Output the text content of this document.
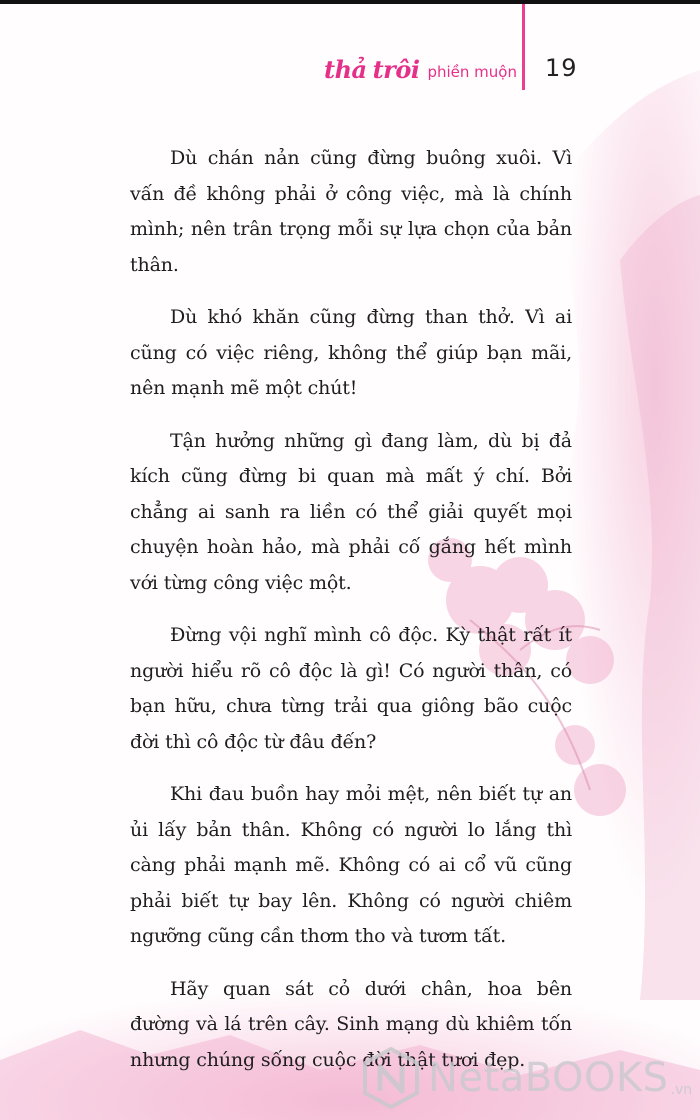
thả trôi phiền muộn 19

Dù chán nản cũng đừng buông xuôi. Vì vấn đề không phải ở công việc, mà là chính mình; nên trân trọng mỗi sự lựa chọn của bản thân.

Dù khó khăn cũng đừng than thở. Vì ai cũng có việc riêng, không thể giúp bạn mãi, nên mạnh mẽ một chút!

Tận hưởng những gì đang làm, dù bị đả kích cũng đừng bi quan mà mất ý chí. Bởi chẳng ai sanh ra liền có thể giải quyết mọi chuyện hoàn hảo, mà phải cố gắng hết mình với từng công việc một.

Đừng vội nghĩ mình cô độc. Kỳ thật rất ít người hiểu rõ cô độc là gì! Có người thân, có bạn hữu, chưa từng trải qua giông bão cuộc đời thì cô độc từ đâu đến?

Khi đau buồn hay mỏi mệt, nên biết tự an ủi lấy bản thân. Không có người lo lắng thì càng phải mạnh mẽ. Không có ai cổ vũ cũng phải biết tự bay lên. Không có người chiêm ngưỡng cũng cần thơm tho và tươm tất.

Hãy quan sát cỏ dưới chân, hoa bên đường và lá trên cây. Sinh mạng dù khiêm tốn nhưng chúng sống cuộc đời thật tươi đẹp.

NetaBOOKS .vn
